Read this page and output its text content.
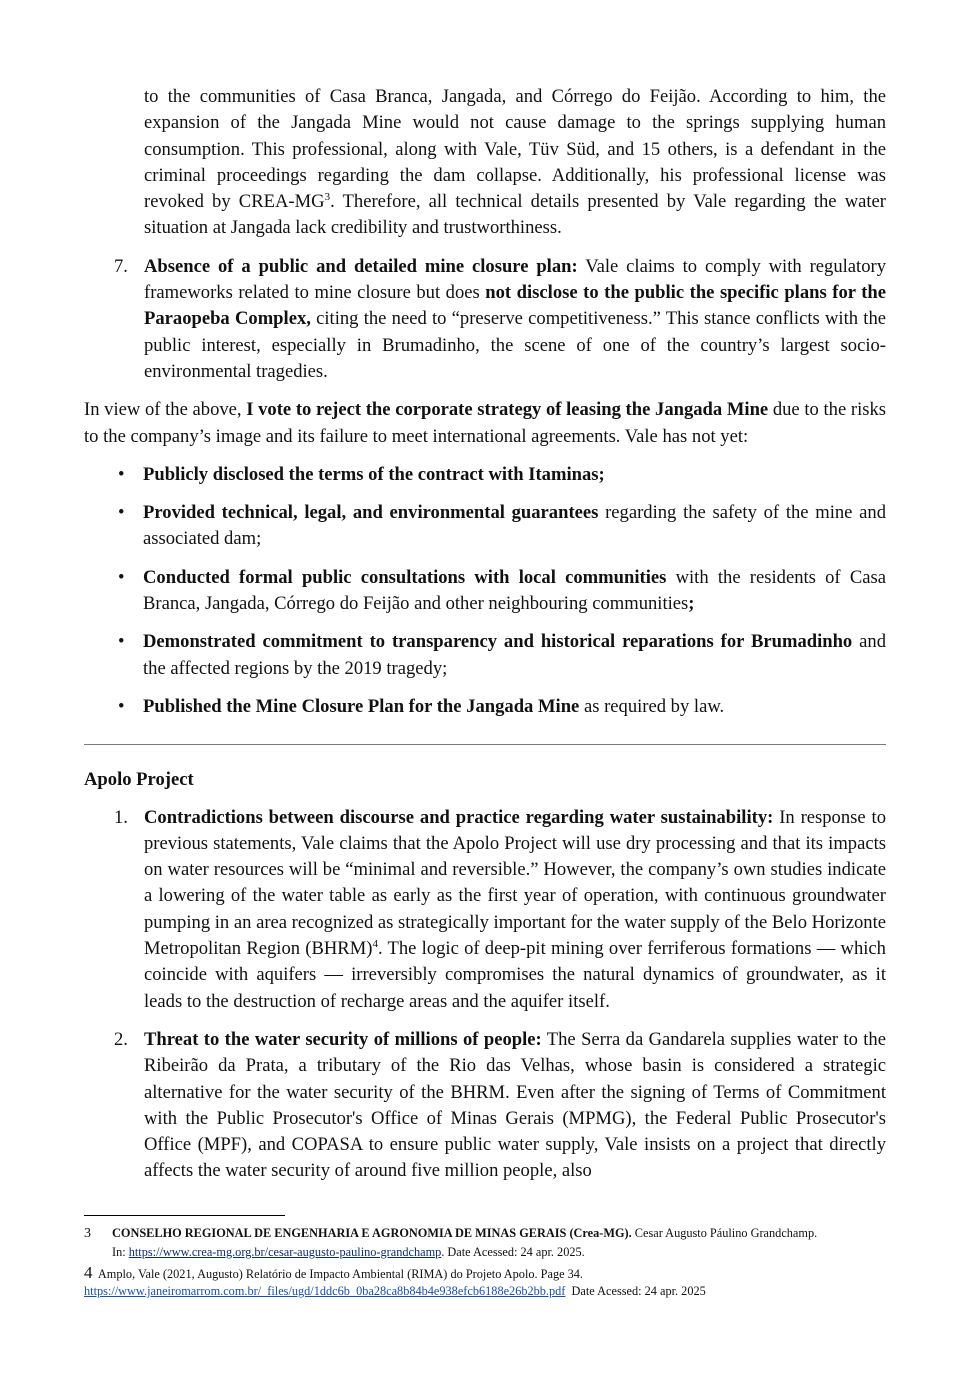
to the communities of Casa Branca, Jangada, and Córrego do Feijão. According to him, the expansion of the Jangada Mine would not cause damage to the springs supplying human consumption. This professional, along with Vale, Tüv Süd, and 15 others, is a defendant in the criminal proceedings regarding the dam collapse. Additionally, his professional license was revoked by CREA-$MG^3$. Therefore, all technical details presented by Vale regarding the water situation at Jangada lack credibility and trustworthiness.

7. Absence of a public and detailed mine closure plan: Vale claims to comply with regulatory frameworks related to mine closure but does not disclose to the public the specific plans for the Paraopeba Complex, citing the need to “preserve competitiveness.” This stance conflicts with the public interest, especially in Brumadinho, the scene of one of the country’s largest socio-environmental tragedies.

In view of the above, I vote to reject the corporate strategy of leasing the Jangada Mine due to the risks to the company’s image and its failure to meet international agreements. Vale has not yet:

• Publicly disclosed the terms of the contract with Itaminas;
• Provided technical, legal, and environmental guarantees regarding the safety of the mine and associated dam;
• Conducted formal public consultations with local communities with the residents of Casa Branca, Jangada, Córrego do Feijão and other neighbouring communities;
• Demonstrated commitment to transparency and historical reparations for Brumadinho and the affected regions by the 2019 tragedy;
• Published the Mine Closure Plan for the Jangada Mine as required by law.
Apolo Project
1. Contradictions between discourse and practice regarding water sustainability: In response to previous statements, Vale claims that the Apolo Project will use dry processing and that its impacts on water resources will be “minimal and reversible.” However, the company’s own studies indicate a lowering of the water table as early as the first year of operation, with continuous groundwater pumping in an area recognized as strategically important for the water supply of the Belo Horizonte Metropolitan Region (BHRM)$^4$. The logic of deep-pit mining over ferriferous formations — which coincide with aquifers — irreversibly compromises the natural dynamics of groundwater, as it leads to the destruction of recharge areas and the aquifer itself.
2. Threat to the water security of millions of people: The Serra da Gandarela supplies water to the Ribeirão da Prata, a tributary of the Rio das Velhas, whose basin is considered a strategic alternative for the water security of the BHRM. Even after the signing of Terms of Commitment with the Public Prosecutor's Office of Minas Gerais (MPMG), the Federal Public Prosecutor's Office (MPF), and COPASA to ensure public water supply, Vale insists on a project that directly affects the water security of around five million people, also
3 CONSELHO REGIONAL DE ENGENHARIA E AGRONOMIA DE MINAS GERAIS (Crea-MG). Cesar Augusto Páulino Grandchamp.
In: https://www.crea-mg.org.br/cesar-augusto-paulino-grandchamp. Date Acessed: 24 apr. 2025.
4 Amplo, Vale (2021, Augusto) Relatório de Impacto Ambiental (RIMA) do Projeto Apolo. Page 34.
https://www.janeiromarrom.com.br/_files/ugd/1ddc6b_0ba28ca8b84b4e938efcb6188e26b2bb.pdf  Date Acessed: 24 apr. 2025
